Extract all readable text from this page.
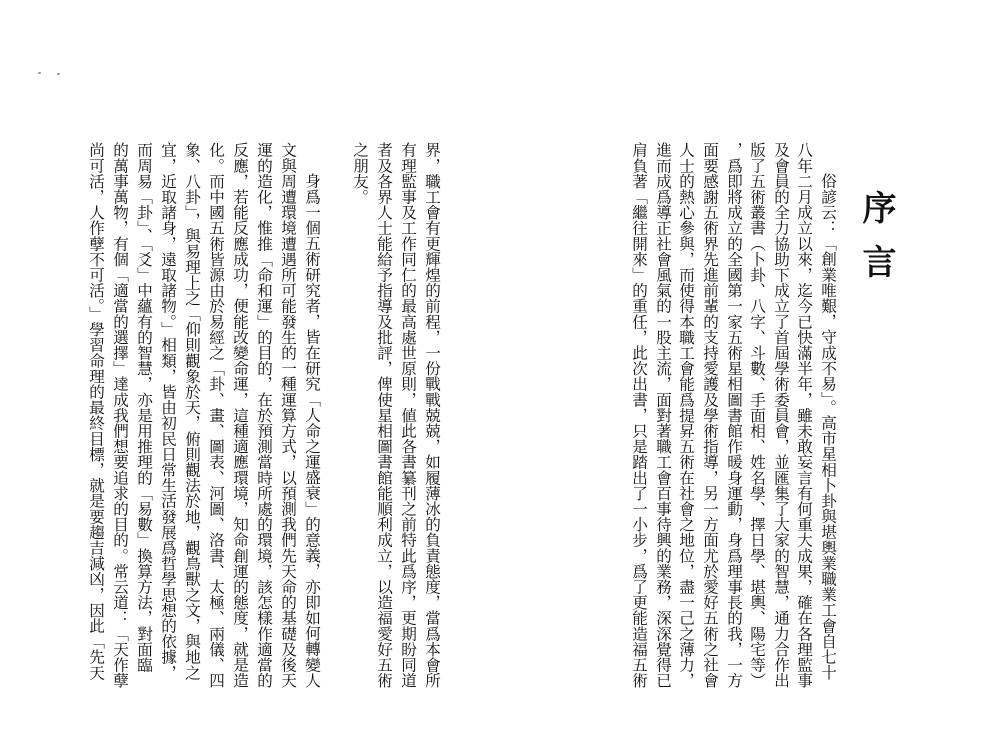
界，職工會有更輝煌的前程，一份戰戰兢兢，如履薄冰的負責態度，當爲本會所
有理監事及工作同仁的最高處世原則，値此各書纂刊之前特此爲序，更期盼同道
者及各界人士能給予指導及批評，俾使星相圖書館能順利成立，以造福愛好五術
之朋友。
身爲一個五術研究者，皆在研究「人命之運盛衰」的意義，亦即如何轉變人
文與周遭環境遭遇所可能發生的一種運算方式，以預測我們先天命的基礎及後天
運的造化，惟推「命和運」的目的，在於預測當時所處的環境，該怎樣作適當的
反應，若能反應成功，便能改變命運，這種適應環境，知命創運的態度，就是造
化。而中國五術皆源由於易經之「卦、畫、圖表、河圖、洛書、太極、兩儀、四
象、八卦」，與易理上之「仰則觀象於天，俯則觀法於地，觀鳥獸之文，與地之
宜，近取諸身，遠取諸物。」相類，皆由初民日常生活發展爲哲學思想的依據，
而周易「卦」、「爻」中蘊有的智慧，亦是用推理的「易數」換算方法，對面臨
的萬事萬物，有個「適當的選擇」達成我們想要追求的目的。常云道：「天作孽
尚可活，人作孽不可活。」學習命理的最終目標，就是要趨吉減凶，因此「先天	序言
俗諺云：「創業唯艱，守成不易」。高市星相卜卦與堪輿業職業工會自七十
八年二月成立以來，迄今已快滿半年，雖未敢妄言有何重大成果，確在各理監事
及會員的全力協助下成立了首屆學術委員會，並匯集了大家的智慧，通力合作出
版了五術叢書（卜卦、八字、斗數、手面相、姓名學、擇日學、堪輿、陽宅等）
，爲即將成立的全國第一家五術星相圖書館作暖身運動，身爲理事長的我，一方
面要感謝五術界先進前輩的支持愛護及學術指導，另一方面尤於愛好五術之社會
人士的熱心參與，而使得本職工會能爲提昇五術在社會之地位，盡一己之薄力，
進而成爲導正社會風氣的一股主流，面對著職工會百事待興的業務，深深覺得已
肩負著「繼往開來」的重任，此次出書，只是踏出了一小步，爲了更能造福五術
